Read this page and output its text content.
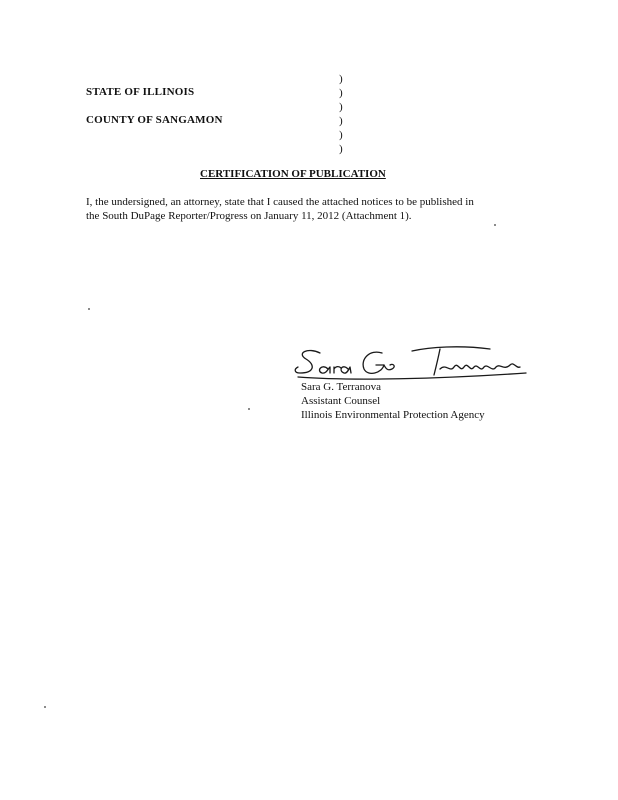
)
)
)
)
)
)
STATE OF ILLINOIS
COUNTY OF SANGAMON
CERTIFICATION OF PUBLICATION
I, the undersigned, an attorney, state that I caused the attached notices to be published in
the South DuPage Reporter/Progress on January 11, 2012 (Attachment 1).
Sara G. Terranova
Assistant Counsel
Illinois Environmental Protection Agency
